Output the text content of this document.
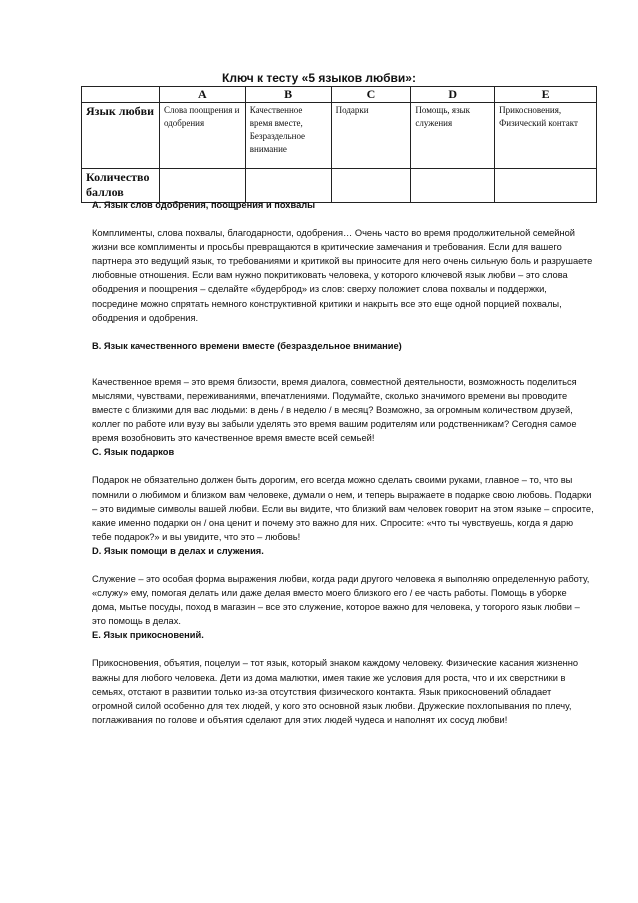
Ключ к тесту «5 языков любви»:
	A	B	C	D	E
Язык любви	Слова поощрения и одобрения	Качественное время вместе, Безраздельное внимание	Подарки	Помощь, язык служения	Прикосновения, Физический контакт
Количество баллов					

A. Язык слов одобрения, поощрения и похвалы

Комплименты, слова похвалы, благодарности, одобрения… Очень часто во время продолжительной семейной жизни все комплименты и просьбы превращаются в критические замечания и требования. Если для вашего партнера это ведущий язык, то требованиями и критикой вы приносите для него очень сильную боль и разрушаете любовные отношения. Если вам нужно покритиковать человека, у которого ключевой язык любви – это слова ободрения и поощрения – сделайте «будерброд» из слов: сверху положиет слова похвалы и поддержки, посредине можно спрятать немного конструктивной критики и накрыть все это еще одной порцией похвалы, ободрения и одобрения.

B. Язык качественного времени вместе (безраздельное внимание)

Качественное время – это время близости, время диалога, совместной деятельности, возможность поделиться мыслями, чувствами, переживаниями, впечатлениями. Подумайте, сколько значимого времени вы проводите вместе с близкими для вас людьми: в день / в неделю / в месяц? Возможно, за огромным количеством друзей, коллег по работе или вузу вы забыли уделять это время вашим родителям или родственникам? Сегодня самое время возобновить это качественное время вместе всей семьей!

C. Язык подарков

Подарок не обязательно должен быть дорогим, его всегда можно сделать своими руками, главное – то, что вы помнили о любимом и близком вам человеке, думали о нем, и теперь выражаете в подарке свою любовь. Подарки – это видимые символы вашей любви. Если вы видите, что близкий вам человек говорит на этом языке – спросите, какие именно подарки он / она ценит и почему это важно для них. Спросите: «что ты чувствуешь, когда я дарю тебе подарок?» и вы увидите, что это – любовь!

D. Язык помощи в делах и служения.

Служение – это особая форма выражения любви, когда ради другого человека я выполняю определенную работу, «служу» ему, помогая делать или даже делая вместо моего близкого его / ее часть работы. Помощь в уборке дома, мытье посуды, поход в магазин – все это служение, которое важно для человека, у тогорого язык любви – это помощь в делах.

E. Язык прикосновений.

Прикосновения, объятия, поцелуи – тот язык, который знаком каждому человеку. Физические касания жизненно важны для любого человека. Дети из дома малютки, имея такие же условия для роста, что и их сверстники в семьях, отстают в развитии только из-за отсутствия физического контакта. Язык прикосновений обладает огромной силой особенно для тех людей, у кого это основной язык любви. Дружеские похлопывания по плечу, поглаживания по голове и объятия сделают для этих людей чудеса и наполнят их сосуд любви!
